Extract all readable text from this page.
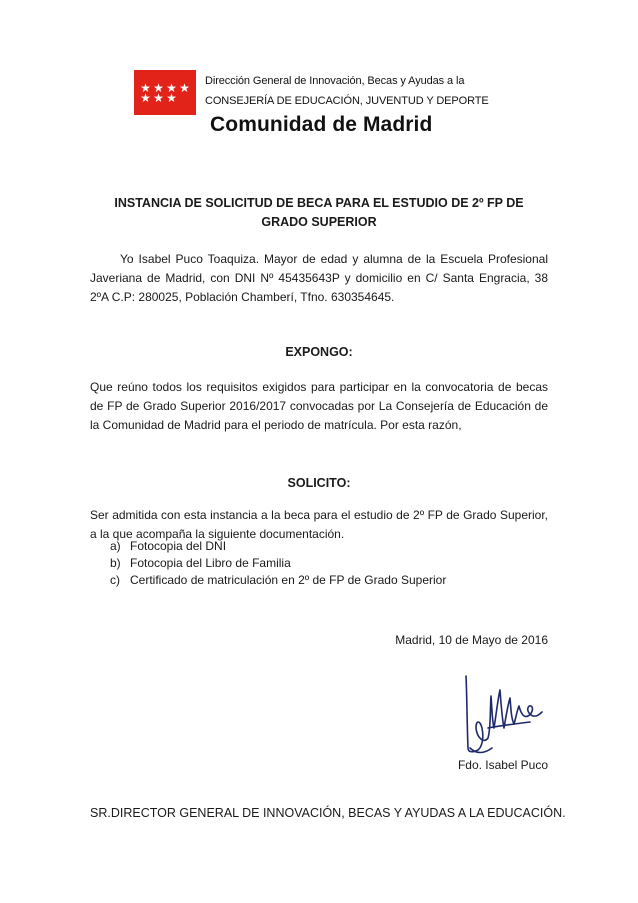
★ ★ ★ ★
★ ★ ★
Dirección General de Innovación, Becas y Ayudas a la
CONSEJERÍA DE EDUCACIÓN, JUVENTUD Y DEPORTE
Comunidad de Madrid
INSTANCIA DE SOLICITUD DE BECA PARA EL ESTUDIO DE 2º FP DE GRADO SUPERIOR
Yo Isabel Puco Toaquiza. Mayor de edad y alumna de la Escuela Profesional Javeriana de Madrid, con DNI Nº 45435643P y domicilio en C/ Santa Engracia, 38 2ºA C.P: 280025, Población Chamberí, Tfno. 630354645.
EXPONGO:
Que reúno todos los requisitos exigidos para participar en la convocatoria de becas de FP de Grado Superior 2016/2017 convocadas por La Consejería de Educación de la Comunidad de Madrid para el periodo de matrícula. Por esta razón,
SOLICITO:
Ser admitida con esta instancia a la beca para el estudio de 2º FP de Grado Superior, a la que acompaña la siguiente documentación.
a) Fotocopia del DNI
b) Fotocopia del Libro de Familia
c) Certificado de matriculación en 2º de FP de Grado Superior
Madrid, 10 de Mayo de 2016
Fdo. Isabel Puco
SR.DIRECTOR GENERAL DE INNOVACIÓN, BECAS Y AYUDAS A LA EDUCACIÓN.
